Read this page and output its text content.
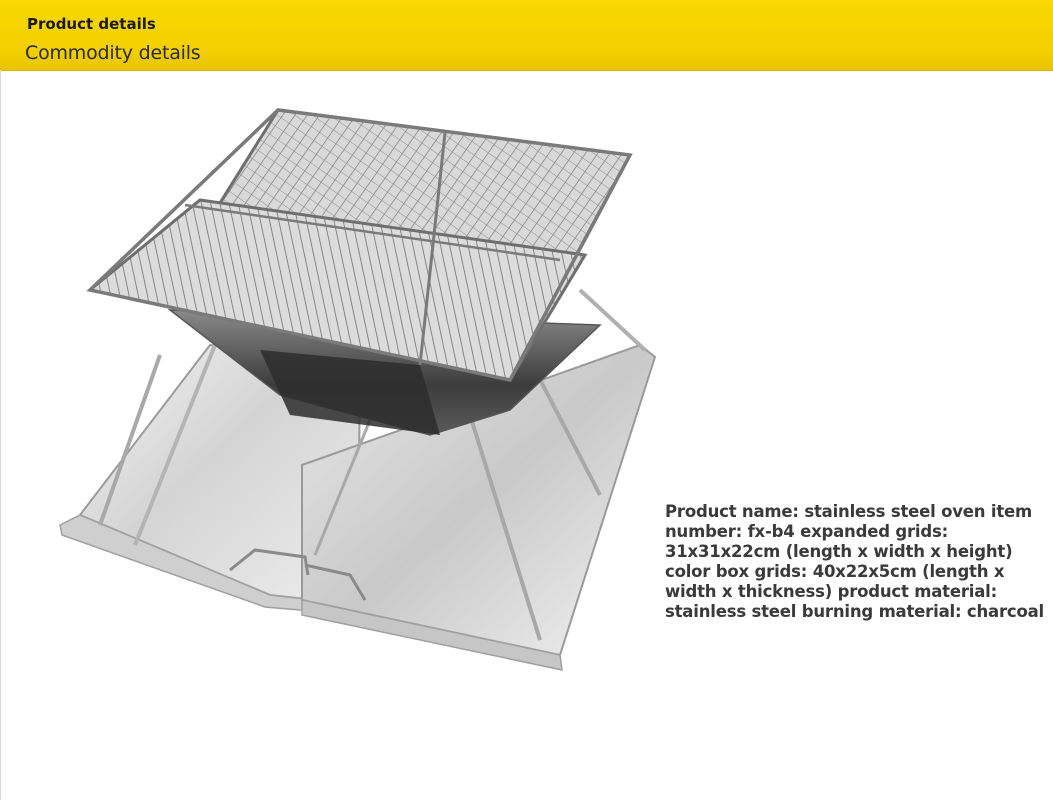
Product details
Commodity details
Product name: stainless steel oven item number: fx-b4 expanded grids: 31x31x22cm (length x width x height) color box grids: 40x22x5cm (length x width x thickness) product material: stainless steel burning material: charcoal
